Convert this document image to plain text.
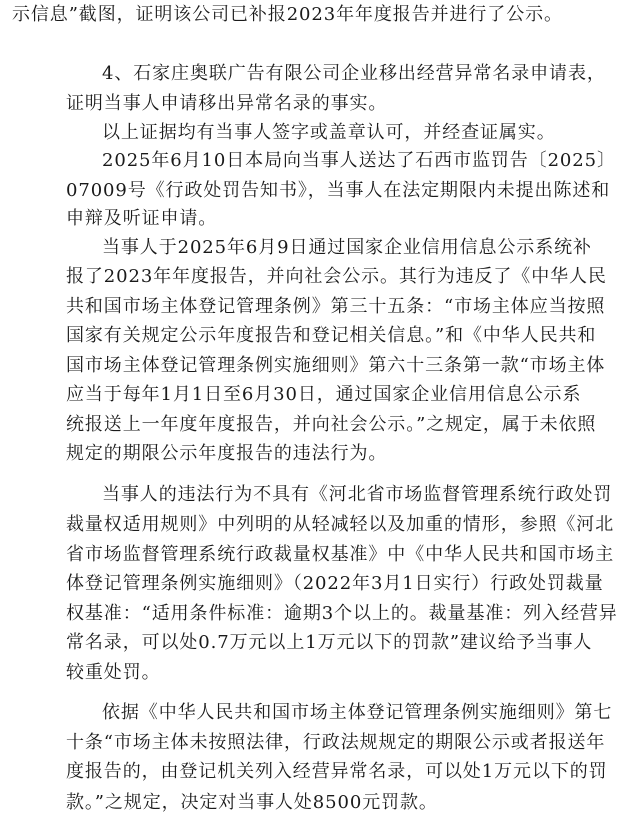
示信息”截图，证明该公司已补报2023年年度报告并进行了公示。
4、石家庄奥联广告有限公司企业移出经营异常名录申请表，
证明当事人申请移出异常名录的事实。
以上证据均有当事人签字或盖章认可，并经查证属实。
2025年6月10日本局向当事人送达了石西市监罚告〔2025〕
07009号《行政处罚告知书》，当事人在法定期限内未提出陈述和
申辩及听证申请。
当事人于2025年6月9日通过国家企业信用信息公示系统补
报了2023年年度报告，并向社会公示。其行为违反了《中华人民
共和国市场主体登记管理条例》第三十五条：“市场主体应当按照
国家有关规定公示年度报告和登记相关信息。”和《中华人民共和
国市场主体登记管理条例实施细则》第六十三条第一款“市场主体
应当于每年1月1日至6月30日，通过国家企业信用信息公示系
统报送上一年度年度报告，并向社会公示。”之规定，属于未依照
规定的期限公示年度报告的违法行为。
当事人的违法行为不具有《河北省市场监督管理系统行政处罚
裁量权适用规则》中列明的从轻减轻以及加重的情形，参照《河北
省市场监督管理系统行政裁量权基准》中《中华人民共和国市场主
体登记管理条例实施细则》（2022年3月1日实行）行政处罚裁量
权基准：“适用条件标准：逾期3个以上的。裁量基准：列入经营异
常名录，可以处0.7万元以上1万元以下的罚款”建议给予当事人
较重处罚。
依据《中华人民共和国市场主体登记管理条例实施细则》第七
十条“市场主体未按照法律，行政法规规定的期限公示或者报送年
度报告的，由登记机关列入经营异常名录，可以处1万元以下的罚
款。”之规定，决定对当事人处8500元罚款。
